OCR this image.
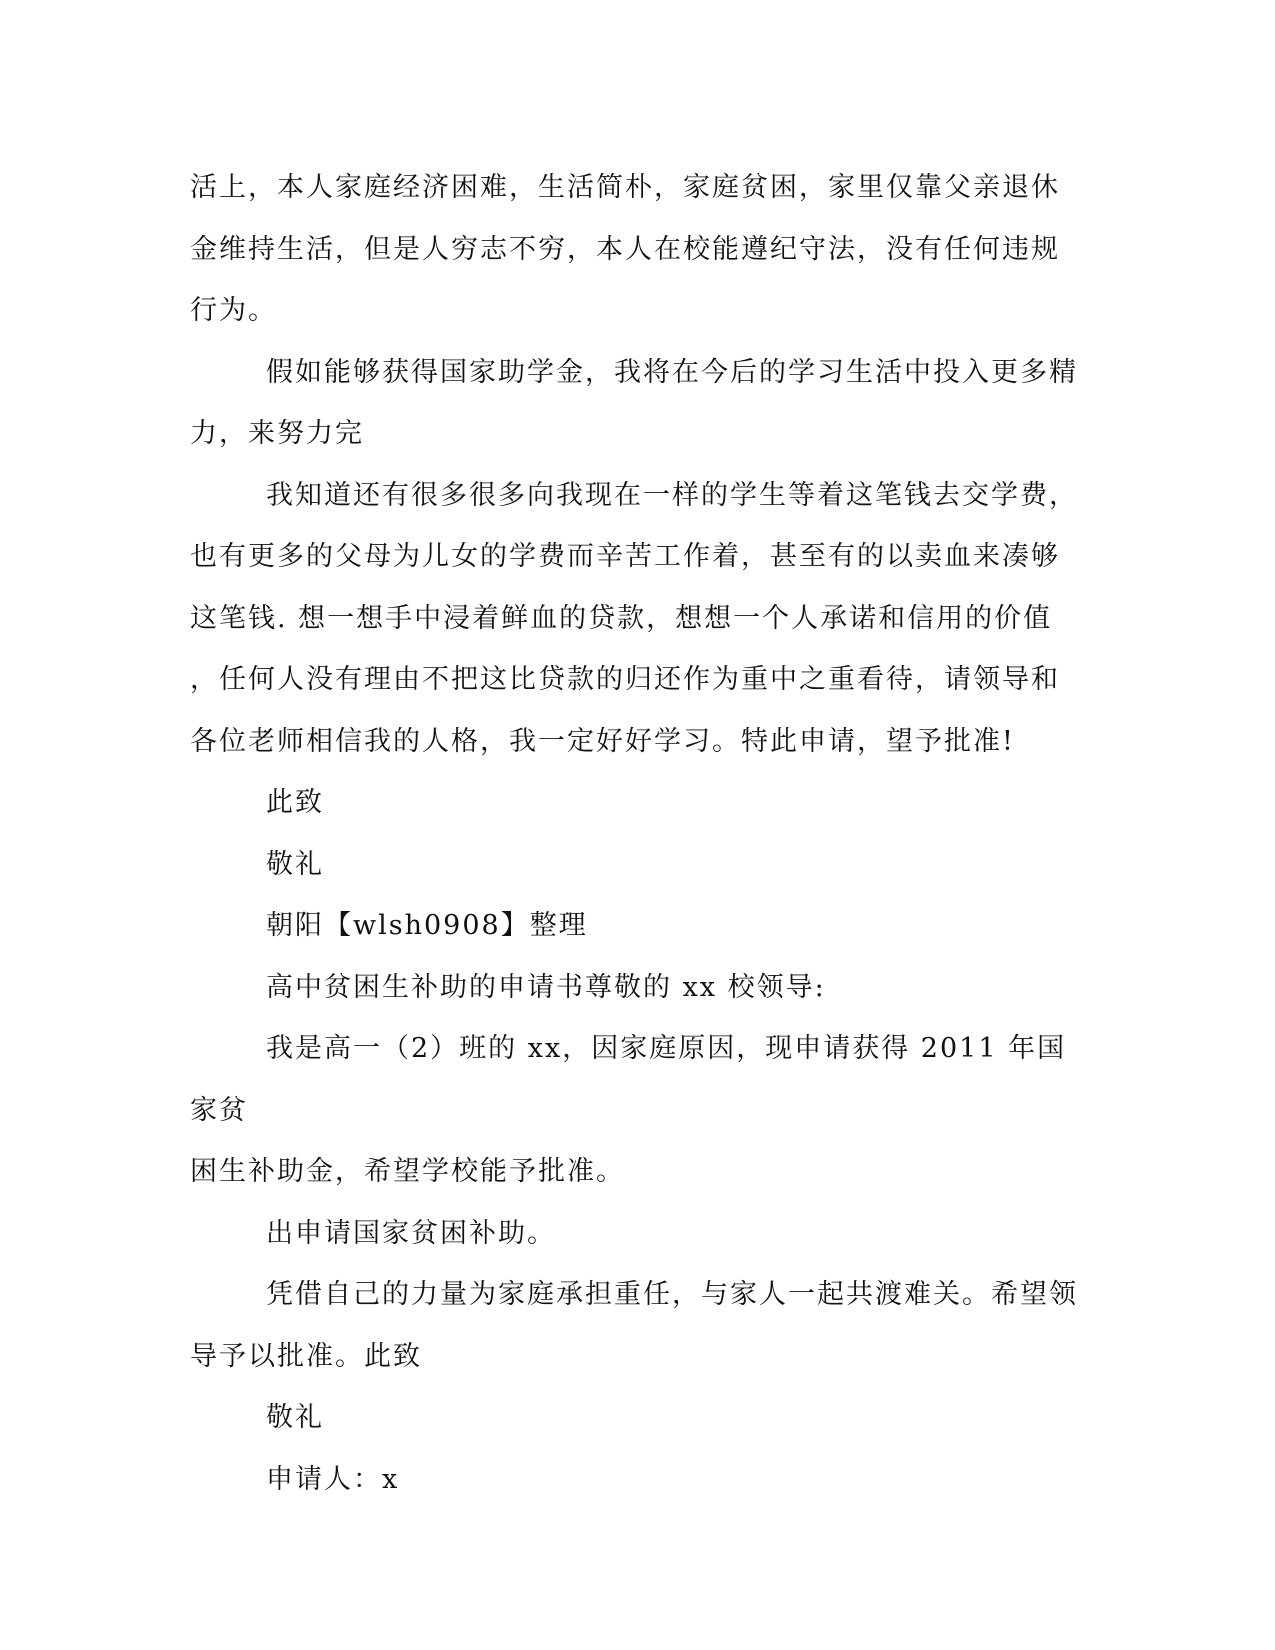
活上，本人家庭经济困难，生活简朴，家庭贫困，家里仅靠父亲退休
金维持生活，但是人穷志不穷，本人在校能遵纪守法，没有任何违规
行为。

假如能够获得国家助学金，我将在今后的学习生活中投入更多精
力，来努力完

我知道还有很多很多向我现在一样的学生等着这笔钱去交学费，
也有更多的父母为儿女的学费而辛苦工作着，甚至有的以卖血来凑够
这笔钱. 想一想手中浸着鲜血的贷款，想想一个人承诺和信用的价值
，任何人没有理由不把这比贷款的归还作为重中之重看待，请领导和
各位老师相信我的人格，我一定好好学习。特此申请，望予批准!

此致

敬礼

朝阳【wlsh0908】整理

高中贫困生补助的申请书尊敬的 xx 校领导:

我是高一（2）班的 xx，因家庭原因，现申请获得 2011 年国家贫
困生补助金，希望学校能予批准。

出申请国家贫困补助。

凭借自己的力量为家庭承担重任，与家人一起共渡难关。希望领
导予以批准。此致

敬礼

申请人：x
